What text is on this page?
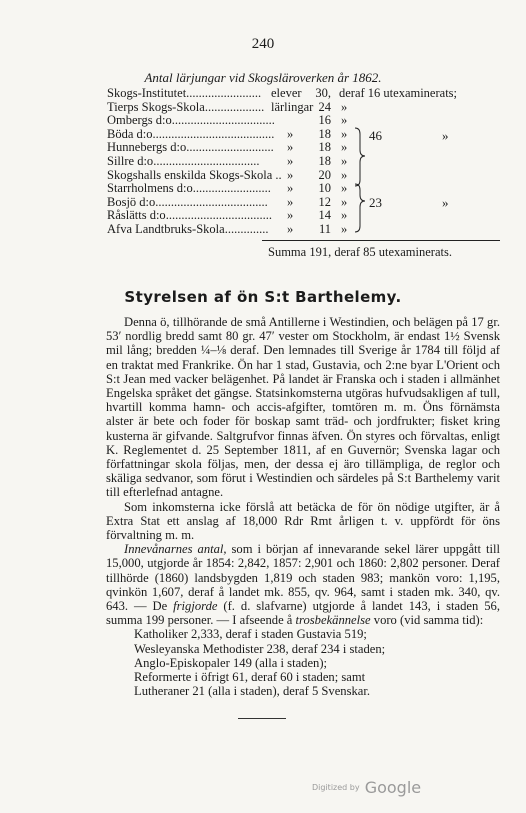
240
Antal lärjungar vid Skogsläroverken år 1862.
Skogs-Institutet........................ elever	30, deraf 16 utexaminerats;
Tierps Skogs-Skola................... lärlingar 24 »
Ombergs d:o.................................	16 »
Böda d:o....................................... »	18 »
Hunnebergs d:o............................ »	18 »
Sillre d:o.................................. »	18 »
Skogshalls enskilda Skogs-Skola .. »	20 »
Starrholmens d:o......................... »	10 »
Bosjö d:o.................................... »	12 »
Råslätts d:o.................................. »	14 »
Afva Landtbruks-Skola.............. »	11 »
46	»
23	»
Summa 191, deraf 85 utexaminerats.
Styrelsen af ön S:t Barthelemy.

Denna ö, tillhörande de små Antillerne i Westindien, och belägen på 17 gr. 53′ nordlig bredd samt 80 gr. 47′ vester om Stockholm, är endast 1½ Svensk mil lång; bredden ¼–⅛ deraf. Den lemnades till Sverige år 1784 till följd af en traktat med Frankrike. Ön har 1 stad, Gustavia, och 2:ne byar L'Orient och S:t Jean med vacker belägenhet. På landet är Franska och i staden i allmänhet Engelska språket det gängse. Statsinkomsterna utgöras hufvudsakligen af tull, hvartill komma hamn- och accis-afgifter, tomtören m. m. Öns förnämsta alster är bete och foder för boskap samt träd- och jordfrukter; fisket kring kusterna är gifvande. Saltgrufvor finnas äfven. Ön styres och förvaltas, enligt K. Reglementet d. 25 September 1811, af en Guvernör; Svenska lagar och författningar skola följas, men, der dessa ej äro tillämpliga, de reglor och skäliga sedvanor, som förut i Westindien och särdeles på S:t Barthelemy varit till efterlefnad antagne.

Som inkomsterna icke förslå att betäcka de för ön nödige utgifter, är å Extra Stat ett anslag af 18,000 Rdr Rmt årligen t. v. uppfördt för öns förvaltning m. m.

Innevånarnes antal, som i början af innevarande sekel lärer uppgått till 15,000, utgjorde år 1854: 2,842, 1857: 2,901 och 1860: 2,802 personer. Deraf tillhörde (1860) landsbygden 1,819 och staden 983; mankön voro: 1,195, qvinkön 1,607, deraf å landet mk. 855, qv. 964, samt i staden mk. 340, qv. 643. — De frigjorde (f. d. slafvarne) utgjorde å landet 143, i staden 56, summa 199 personer. — I afseende å trosbekännelse voro (vid samma tid):

Katholiker 2,333, deraf i staden Gustavia 519;

Wesleyanska Methodister 238, deraf 234 i staden;

Anglo-Episkopaler 149 (alla i staden);

Reformerte i öfrigt 61, deraf 60 i staden; samt

Lutheraner 21 (alla i staden), deraf 5 Svenskar.

Digitized by Google
